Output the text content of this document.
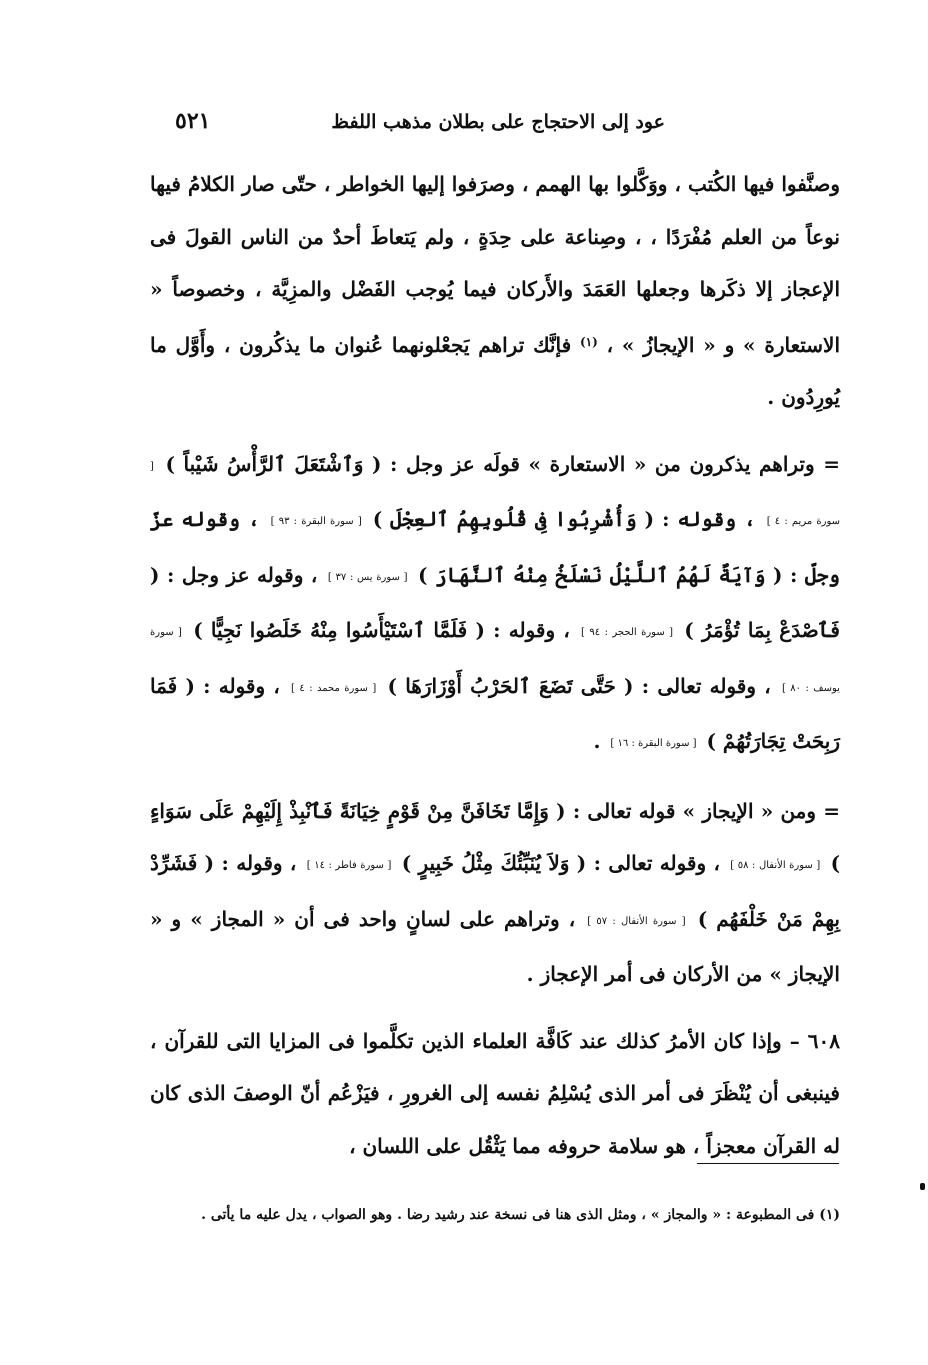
عود إلى الاحتجاج على بطلان مذهب اللفظ
٥٢١

وصنَّفوا فيها الكُتب ، ووَكَّلوا بها الهمم ، وصرَفوا إليها الخواطر ، حتّى صار الكلامُ فيها نوعاً من العلم مُفْرَدًا ، ، وصِناعة على حِدَةٍ ، ولم يَتعاطَ أحدٌ من الناس القولَ فى الإعجاز إلا ذكَرها وجعلها العَمَدَ والأَركان فيما يُوجب الفَضْل والمزِيَّة ، وخصوصاً « الاستعارة » و « الإيجازُ » ، $^{(١)}$ فإنَّك تراهم يَجعْلونهما عُنوان ما يذكُرون ، وأَوَّل ما يُورِدُون .

= وتراهم يذكرون من « الاستعارة » قولَه عز وجل : ( وَٱشْتَعَلَ ٱلرَّأْسُ شَيْباً ) [ سورة مريم : ٤ ] ، وقوله : ( وَأُشْرِبُوا فِى قُلُوبِهِمُ ٱلعِجْلَ ) [ سورة البقرة : ٩٣ ] ، وقوله عزّ وجلّ : ( وَآيَةٌ لَهُمُ ٱللَّيْلُ نَسْلَخُ مِنْهُ ٱلنَّهَارَ ) [ سورة يس : ٣٧ ] ، وقوله عز وجل : ( فَٱصْدَعْ بِمَا تُؤْمَرُ ) [ سورة الحجر : ٩٤ ] ، وقوله : ( فَلَمَّا ٱسْتَيْأَسُوا مِنْهُ خَلَصُوا نَجِيًّا ) [ سورة يوسف : ٨٠ ] ، وقوله تعالى : ( حَتَّى تَضَعَ ٱلحَرْبُ أَوْزَارَهَا ) [ سورة محمد : ٤ ] ، وقوله : ( فَمَا رَبِحَتْ تِجَارَتُهُمْ ) [ سورة البقرة : ١٦ ] .

= ومن « الإيجاز » قوله تعالى : ( وَإِمَّا تَخَافَنَّ مِنْ قَوْمٍ خِيَانَةً فَٱنْبِذْ إِلَيْهِمْ عَلَى سَوَاءٍ ) [ سورة الأنفال : ٥٨ ] ، وقوله تعالى : ( وَلاَ يُنَبِّئُكَ مِثْلُ خَبِيرٍ ) [ سورة فاطر : ١٤ ] ، وقوله : ( فَشَرِّدْ بِهِمْ مَنْ خَلْفَهُم ) [ سورة الأنفال : ٥٧ ] ، وتراهم على لسانٍ واحد فى أن « المجاز » و « الإيجاز » من الأركان فى أمر الإعجاز .

٦٠٨ – وإذا كان الأمرُ كذلك عند كَافَّة العلماء الذين تكلَّموا فى المزايا التى للقرآن ، فينبغى أن يُنْظَرَ فى أمر الذى يُسْلِمُ نفسه إلى الغرورِ ، فيَزْعُم أنّ الوصفَ الذى كان له القرآن معجزاً ، هو سلامة حروفه مما يَثْقُل على اللسان ،

(١) فى المطبوعة : « والمجاز » ، ومثل الذى هنا فى نسخة عند رشيد رضا . وهو الصواب ، يدل عليه ما يأتى .
